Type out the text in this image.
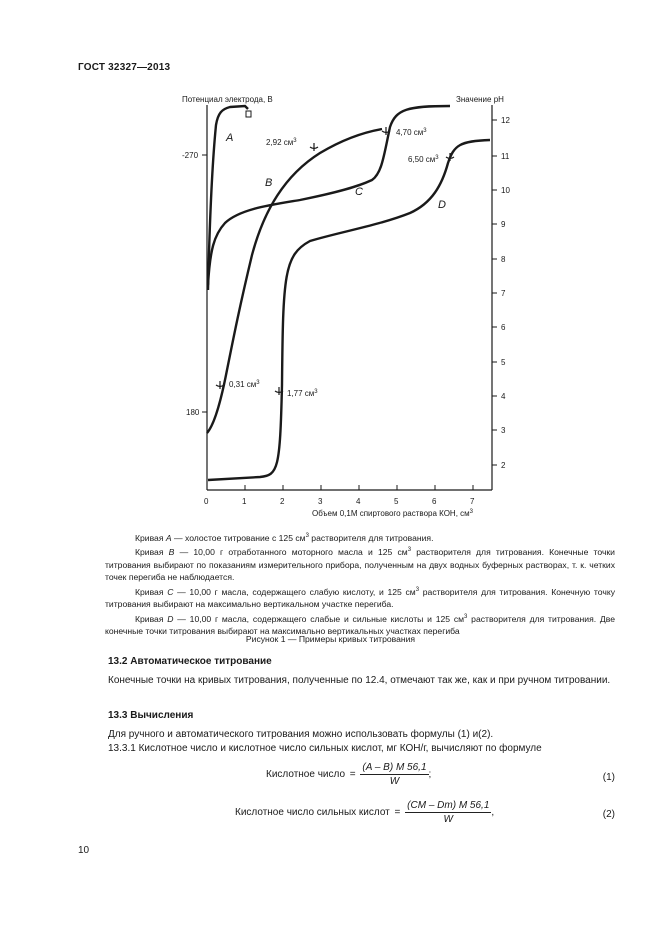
ГОСТ 32327—2013
Потенциал электрода, В	Значение pH
-270
180
12
11
10
9
8
7
6
5
4
3
2
0	1	2	3	4	5	6	7
Объем 0,1М спиртового раствора КОН, $см^3$
A
B
C
D
2,92 $см^3$
4,70 $см^3$
6,50 $см^3$
0,31 $см^3$
1,77 $см^3$

Кривая A — холостое титрование с 125 $см^3$ растворителя для титрования.

Кривая B — 10,00 г отработанного моторного масла и 125 $см^3$ растворителя для титрования. Конечные точки титрования выбирают по показаниям измерительного прибора, полученным на двух водных буферных растворах, т. к. четких точек перегиба не наблюдается.

Кривая C — 10,00 г масла, содержащего слабую кислоту, и 125 $см^3$ растворителя для титрования. Конечную точку титрования выбирают на максимально вертикальном участке перегиба.

Кривая D — 10,00 г масла, содержащего слабые и сильные кислоты и 125 $см^3$ растворителя для титрования. Две конечные точки титрования выбирают на максимально вертикальных участках перегиба

Рисунок 1 — Примеры кривых титрования
13.2 Автоматическое титрование
Конечные точки на кривых титрования, полученные по 12.4, отмечают так же, как и при ручном титровании.
13.3 Вычисления
Для ручного и автоматического титрования можно использовать формулы (1) и(2).
13.3.1 Кислотное число и кислотное число сильных кислот, мг КОН/г, вычисляют по формуле
Кислотное число = $\frac{(A - B) M 56,1}{W}$ ;	(1)
Кислотное число сильных кислот = $\frac{(CM - Dm) M 56,1}{W}$ ,	(2)
10
